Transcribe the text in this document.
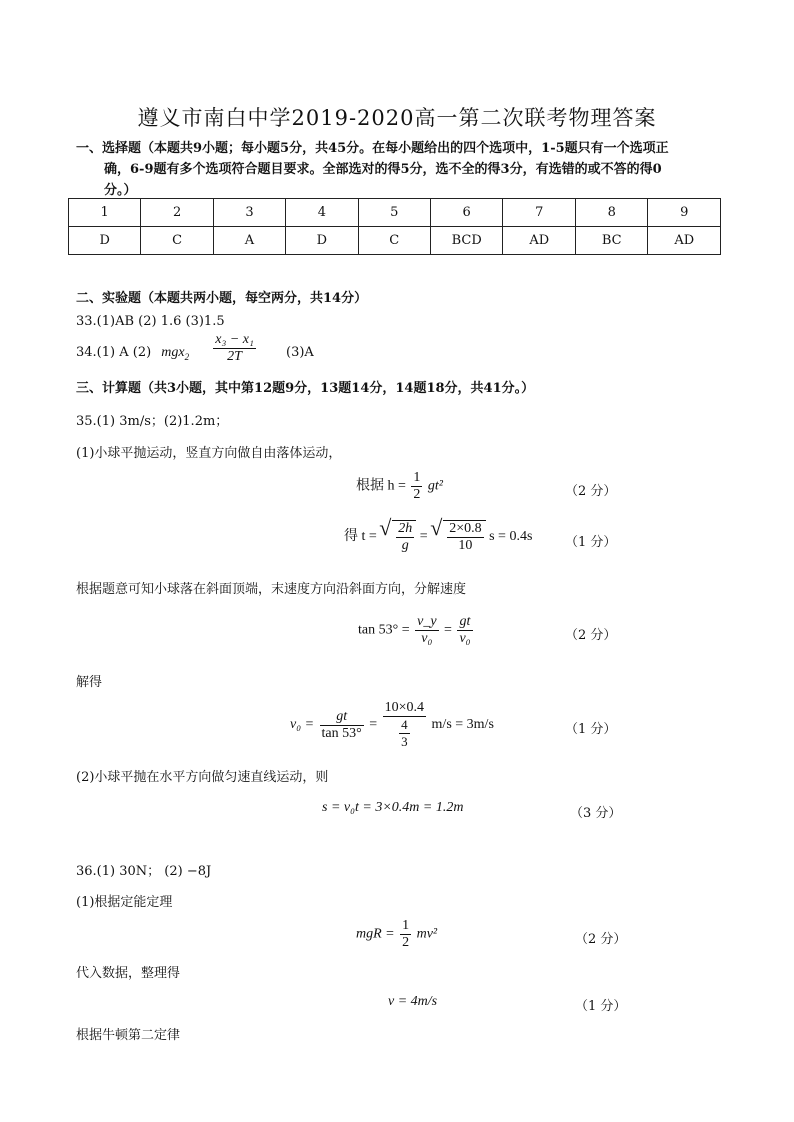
遵义市南白中学2019-2020高一第二次联考物理答案
一、选择题（本题共9小题；每小题5分，共45分。在每小题给出的四个选项中，1-5题只有一个选项正

确，6-9题有多个选项符合题目要求。全部选对的得5分，选不全的得3分，有选错的或不答的得0
分。）
1	2	3	4	5	6	7	8	9
D	C	A	D	C	BCD	AD	BC	AD
二、实验题（本题共两小题，每空两分，共14分）
33.(1)AB (2) 1.6 (3)1.5
34.(1) A (2) $mgx_2 \frac{\text{x₃ − x₁}}{2T} (3)A$
三、计算题（共3小题，其中第12题9分，13题14分，14题18分，共41分。）
35.(1) 3m/s；(2)1.2m；
(1)小球平抛运动，竖直方向做自由落体运动，
根据 $h = \frac{1}{2} gt^2$	（2 分）
得 t = √ $\frac{2h}{g}$ = √ $\frac{2\times 0.8}{10}$ s = 0.4s	（1 分）
根据题意可知小球落在斜面顶端，末速度方向沿斜面方向，分解速度
$\tan 53^\circ = \frac{v\_y}{\text{v₀}} = \frac{gt}{\text{v₀}}$	（2 分）
解得
$v_0 = \frac{gt}{\tan 53^\circ} = \frac{10\times 0.4}{\frac{4}{3}} m/s = 3m/s$	（1 分）
(2)小球平抛在水平方向做匀速直线运动，则
s = v₀t = 3×0.4m = 1.2m	（3 分）
36.(1) 30N； (2) −8J
(1)根据定能定理
mgR = $\frac{1}{2} mv^2$	（2 分）
代入数据，整理得
v = 4m/s	（1 分）
根据牛顿第二定律
